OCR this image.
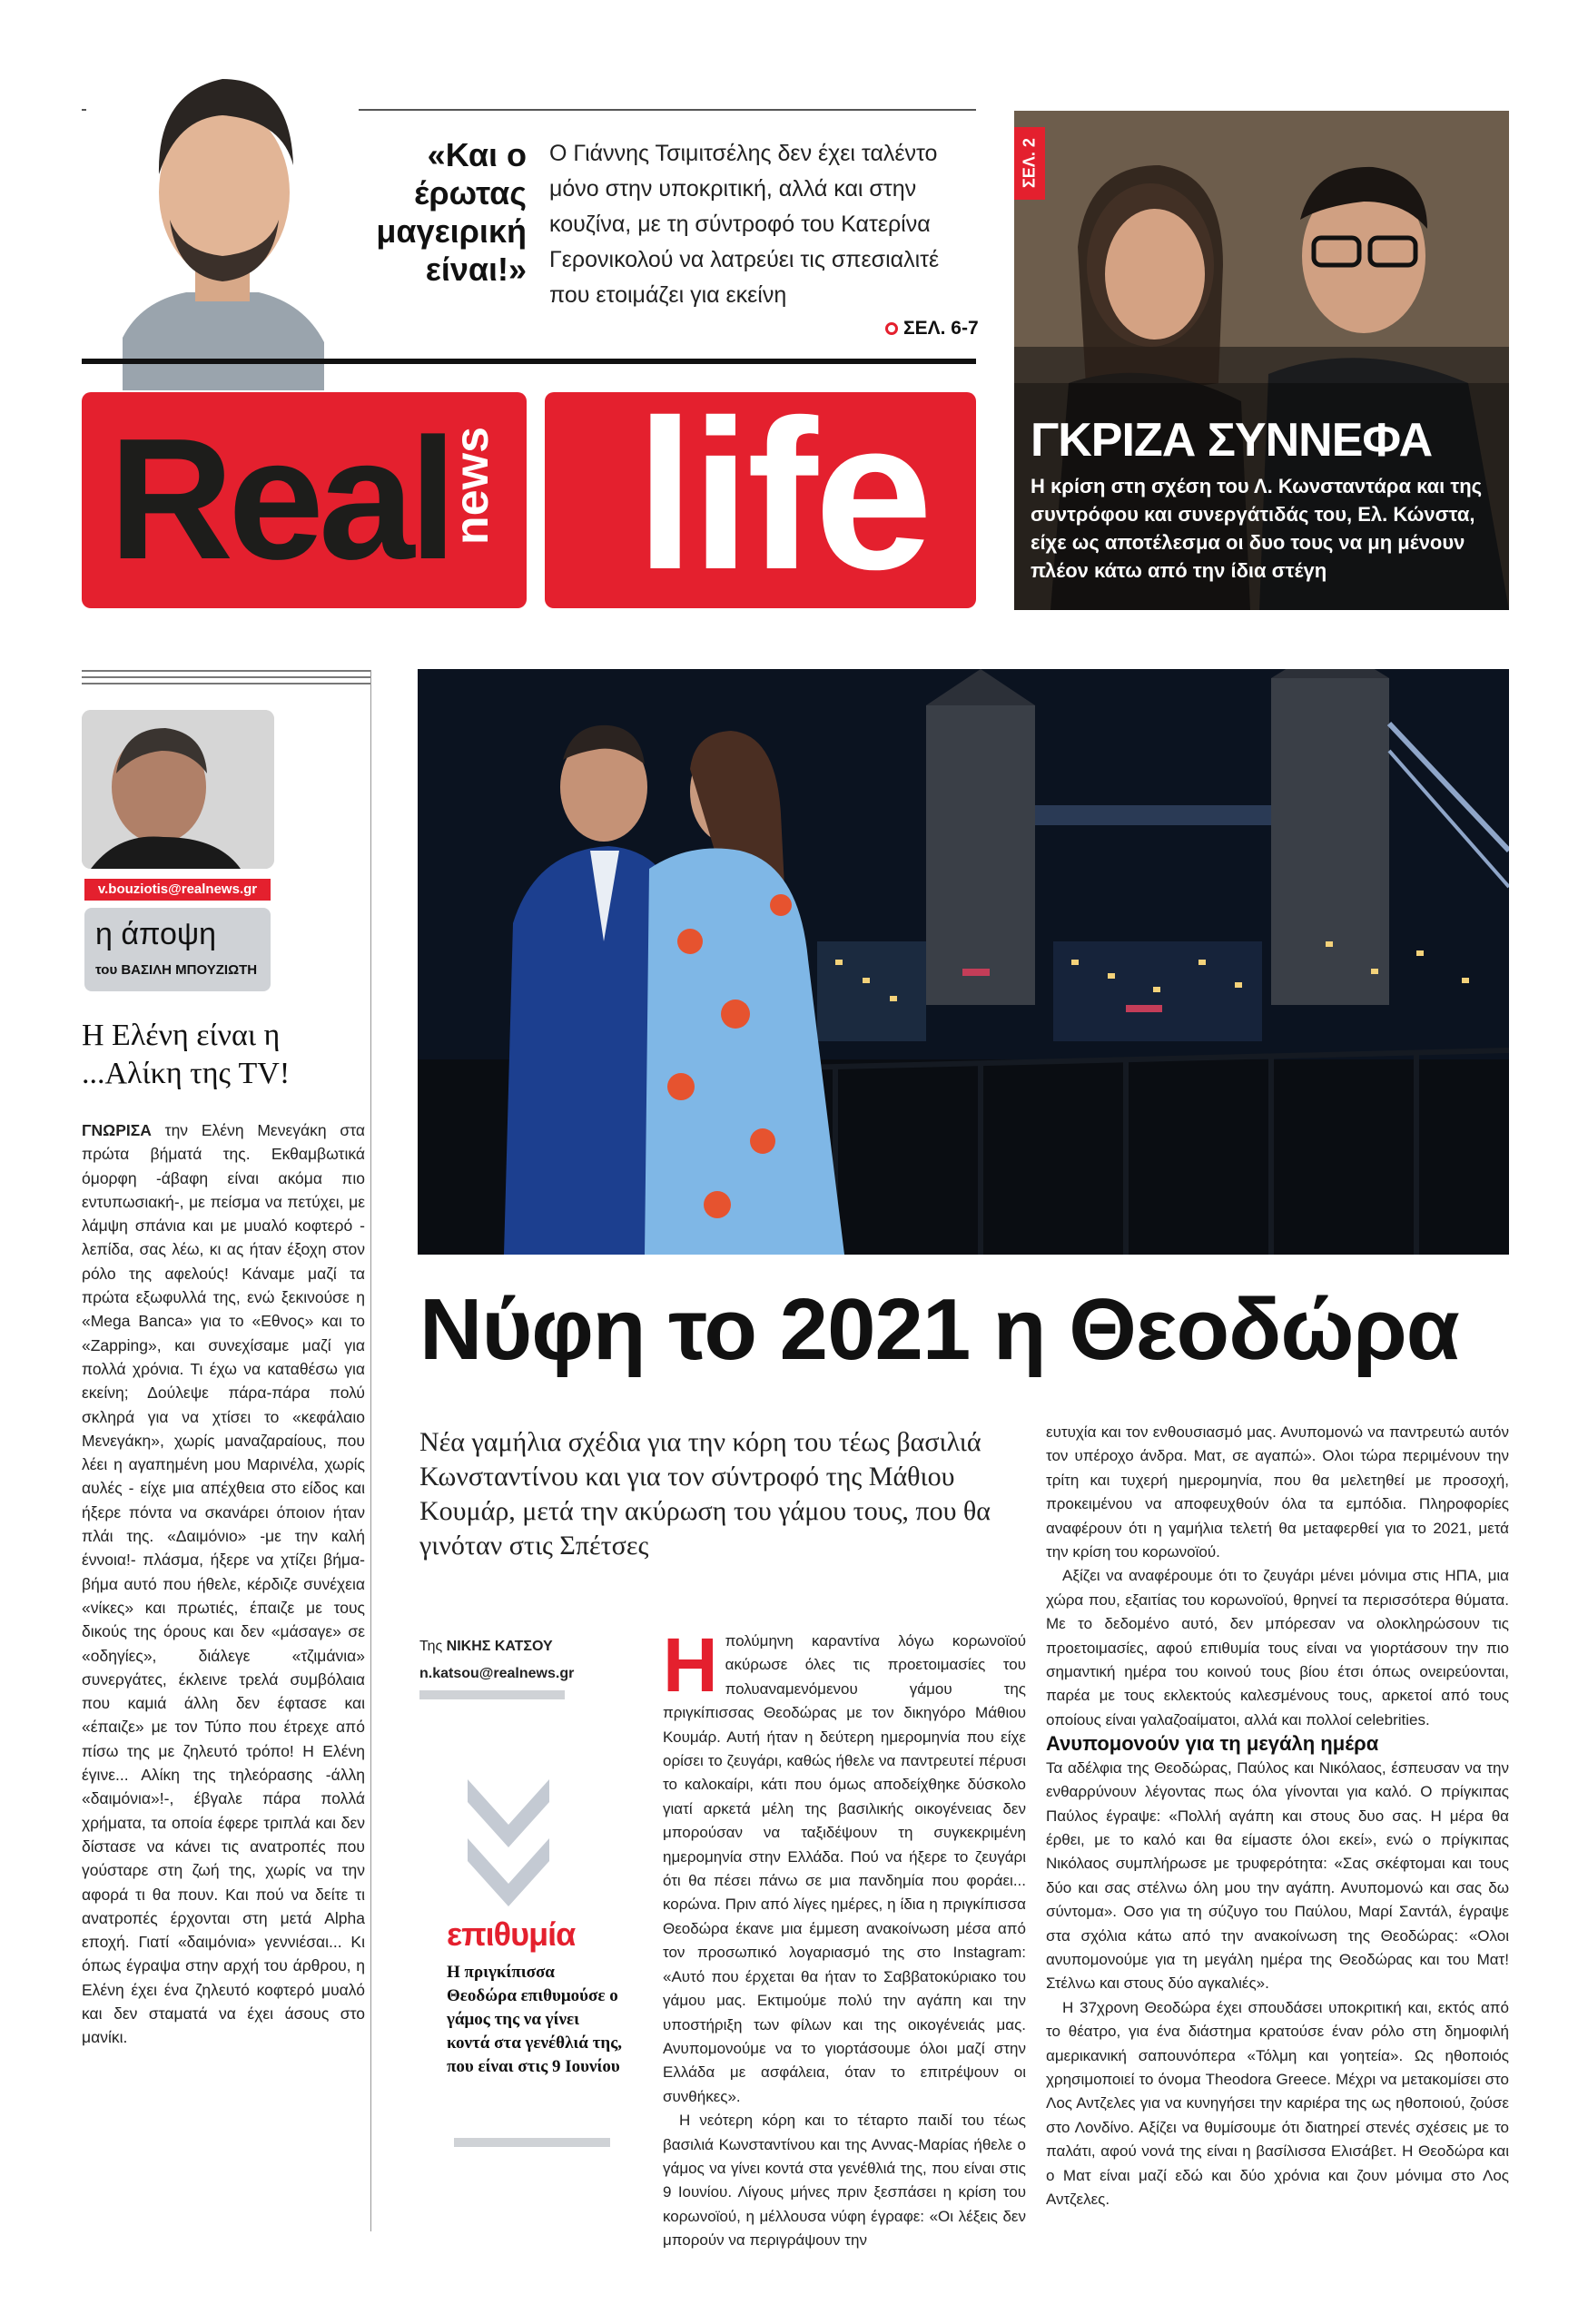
«Και ο έρωτας μαγειρική είναι!»
Ο Γιάννης Τσιμιτσέλης δεν έχει ταλέντο μόνο στην υποκριτική, αλλά και στην κουζίνα, με τη σύντροφό του Κατερίνα Γερονικολού να λατρεύει τις σπεσιαλιτέ που ετοιμάζει για εκείνη
ΣΕΛ. 6-7
Real
news life
ΣΕΛ. 2
ΓΚΡΙΖΑ ΣΥΝΝΕΦΑ
Η κρίση στη σχέση του Λ. Κωνσταντάρα και της συντρόφου και συνεργάτιδάς του, Ελ. Κώνστα, είχε ως αποτέλεσμα οι δυο τους να μη μένουν πλέον κάτω από την ίδια στέγη
v.bouziotis@realnews.gr
η άποψη
του ΒΑΣΙΛΗ ΜΠΟΥΖΙΩΤΗ
Η Ελένη είναι η ...Αλίκη της TV!
ΓΝΩΡΙΣΑ την Ελένη Μενεγάκη στα πρώτα βήματά της. Εκθαμβωτικά όμορφη -άβαφη είναι ακόμα πιο εντυπωσιακή-, με πείσμα να πετύχει, με λάμψη σπάνια και με μυαλό κοφτερό - λεπίδα, σας λέω, κι ας ήταν έξοχη στον ρόλο της αφελούς! Κάναμε μαζί τα πρώτα εξωφυλλά της, ενώ ξεκινούσε η «Mega Banca» για το «Εθνος» και το «Zapping», και συνεχίσαμε μαζί για πολλά χρόνια. Τι έχω να καταθέσω για εκείνη; Δούλεψε πάρα-πάρα πολύ σκληρά για να χτίσει το «κεφάλαιο Μενεγάκη», χωρίς μαναζαραίους, που λέει η αγαπημένη μου Μαρινέλα, χωρίς αυλές - είχε μια απέχθεια στο είδος και ήξερε πόντα να σκανάρει όποιον ήταν πλάι της. «Δαιμόνιο» -με την καλή έννοια!- πλάσμα, ήξερε να χτίζει βήμα-βήμα αυτό που ήθελε, κέρδιζε συνέχεια «νίκες» και πρωτιές, έπαιζε με τους δικούς της όρους και δεν «μάσαγε» σε «οδηγίες», διάλεγε «τζιμάνια» συνεργάτες, έκλεινε τρελά συμβόλαια που καμιά άλλη δεν έφτασε και «έπαιζε» με τον Τύπο που έτρεχε από πίσω της με ζηλευτό τρόπο! Η Ελένη έγινε... Αλίκη της τηλεόρασης -άλλη «δαιμόνια»!-, έβγαλε πάρα πολλά χρήματα, τα οποία έφερε τριπλά και δεν δίστασε να κάνει τις ανατροπές που γούσταρε στη ζωή της, χωρίς να την αφορά τι θα πουν. Και πού να δείτε τι ανατροπές έρχονται στη μετά Alpha εποχή. Γιατί «δαιμόνια» γεννιέσαι... Κι όπως έγραψα στην αρχή του άρθρου, η Ελένη έχει ένα ζηλευτό κοφτερό μυαλό και δεν σταματά να έχει άσους στο μανίκι.
Νύφη το 2021 η Θεοδώρα
Νέα γαμήλια σχέδια για την κόρη του τέως βασιλιά Κωνσταντίνου και για τον σύντροφό της Μάθιου Κουμάρ, μετά την ακύρωση του γάμου τους, που θα γινόταν στις Σπέτσες
Της ΝΙΚΗΣ ΚΑΤΣΟΥ
n.katsou@realnews.gr
επιθυμία
Η πριγκίπισσα Θεοδώρα επιθυμούσε ο γάμος της να γίνει κοντά στα γενέθλιά της, που είναι στις 9 Ιουνίου

Η πολύμηνη καραντίνα λόγω κορωνοϊού ακύρωσε όλες τις προετοιμασίες του πολυαναμενόμενου γάμου της πριγκίπισσας Θεοδώρας με τον δικηγόρο Μάθιου Κουμάρ. Αυτή ήταν η δεύτερη ημερομηνία που είχε ορίσει το ζευγάρι, καθώς ήθελε να παντρευτεί πέρυσι το καλοκαίρι, κάτι που όμως αποδείχθηκε δύσκολο γιατί αρκετά μέλη της βασιλικής οικογένειας δεν μπορούσαν να ταξιδέψουν τη συγκεκριμένη ημερομηνία στην Ελλάδα. Πού να ήξερε το ζευγάρι ότι θα πέσει πάνω σε μια πανδημία που φοράει... κορώνα. Πριν από λίγες ημέρες, η ίδια η πριγκίπισσα Θεοδώρα έκανε μια έμμεση ανακοίνωση μέσα από τον προσωπικό λογαριασμό της στο Instagram: «Αυτό που έρχεται θα ήταν το Σαββατοκύριακο του γάμου μας. Εκτιμούμε πολύ την αγάπη και την υποστήριξη των φίλων και της οικογένειάς μας. Ανυπομονούμε να το γιορτάσουμε όλοι μαζί στην Ελλάδα με ασφάλεια, όταν το επιτρέψουν οι συνθήκες».

Η νεότερη κόρη και το τέταρτο παιδί του τέως βασιλιά Κωνσταντίνου και της Αννας-Μαρίας ήθελε ο γάμος να γίνει κοντά στα γενέθλιά της, που είναι στις 9 Ιουνίου. Λίγους μήνες πριν ξεσπάσει η κρίση του κορωνοϊού, η μέλλουσα νύφη έγραφε: «Οι λέξεις δεν μπορούν να περιγράψουν την

ευτυχία και τον ενθουσιασμό μας. Ανυπομονώ να παντρευτώ αυτόν τον υπέροχο άνδρα. Ματ, σε αγαπώ». Ολοι τώρα περιμένουν την τρίτη και τυχερή ημερομηνία, που θα μελετηθεί με προσοχή, προκειμένου να αποφευχθούν όλα τα εμπόδια. Πληροφορίες αναφέρουν ότι η γαμήλια τελετή θα μεταφερθεί για το 2021, μετά την κρίση του κορωνοϊού.

Αξίζει να αναφέρουμε ότι το ζευγάρι μένει μόνιμα στις ΗΠΑ, μια χώρα που, εξαιτίας του κορωνοϊού, θρηνεί τα περισσότερα θύματα. Με το δεδομένο αυτό, δεν μπόρεσαν να ολοκληρώσουν τις προετοιμασίες, αφού επιθυμία τους είναι να γιορτάσουν την πιο σημαντική ημέρα του κοινού τους βίου έτσι όπως ονειρεύονται, παρέα με τους εκλεκτούς καλεσμένους τους, αρκετοί από τους οποίους είναι γαλαζοαίματοι, αλλά και πολλοί celebrities.

Ανυπομονούν για τη μεγάλη ημέρα

Τα αδέλφια της Θεοδώρας, Παύλος και Νικόλαος, έσπευσαν να την ενθαρρύνουν λέγοντας πως όλα γίνονται για καλό. Ο πρίγκιπας Παύλος έγραψε: «Πολλή αγάπη και στους δυο σας. Η μέρα θα έρθει, με το καλό και θα είμαστε όλοι εκεί», ενώ ο πρίγκιπας Νικόλαος συμπλήρωσε με τρυφερότητα: «Σας σκέφτομαι και τους δύο και σας στέλνω όλη μου την αγάπη. Ανυπομονώ και σας δω σύντομα». Οσο για τη σύζυγο του Παύλου, Μαρί Σαντάλ, έγραψε στα σχόλια κάτω από την ανακοίνωση της Θεοδώρας: «Ολοι ανυπομονούμε για τη μεγάλη ημέρα της Θεοδώρας και του Ματ! Στέλνω και στους δύο αγκαλιές».

Η 37χρονη Θεοδώρα έχει σπουδάσει υποκριτική και, εκτός από το θέατρο, για ένα διάστημα κρατούσε έναν ρόλο στη δημοφιλή αμερικανική σαπουνόπερα «Τόλμη και γοητεία». Ως ηθοποιός χρησιμοποιεί το όνομα Theodora Greece. Μέχρι να μετακομίσει στο Λος Αντζελες για να κυνηγήσει την καριέρα της ως ηθοποιού, ζούσε στο Λονδίνο. Αξίζει να θυμίσουμε ότι διατηρεί στενές σχέσεις με το παλάτι, αφού νονά της είναι η βασίλισσα Ελισάβετ. Η Θεοδώρα και ο Ματ είναι μαζί εδώ και δύο χρόνια και ζουν μόνιμα στο Λος Αντζελες.
